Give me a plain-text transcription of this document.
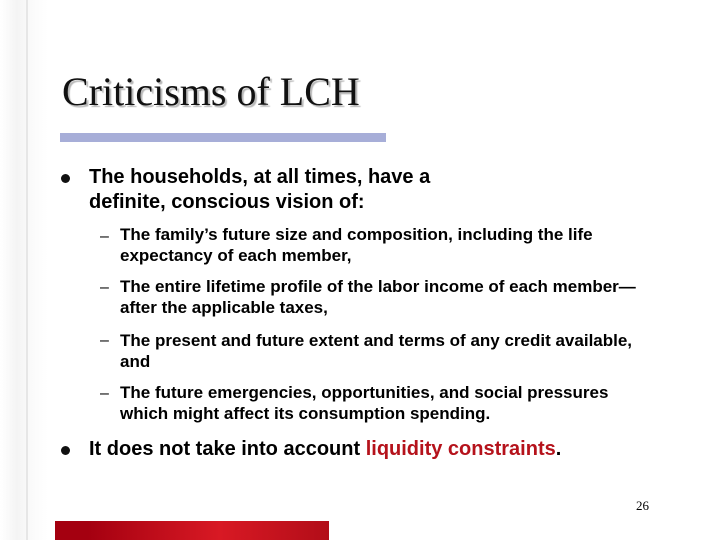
Criticisms of LCH

The households, at all times, have a definite, conscious vision of:

– The family’s future size and composition, including the life expectancy of each member,

– The entire lifetime profile of the labor income of each member—after the applicable taxes,

– The present and future extent and terms of any credit available, and

– The future emergencies, opportunities, and social pressures which might affect its consumption spending.

It does not take into account liquidity constraints.

26
